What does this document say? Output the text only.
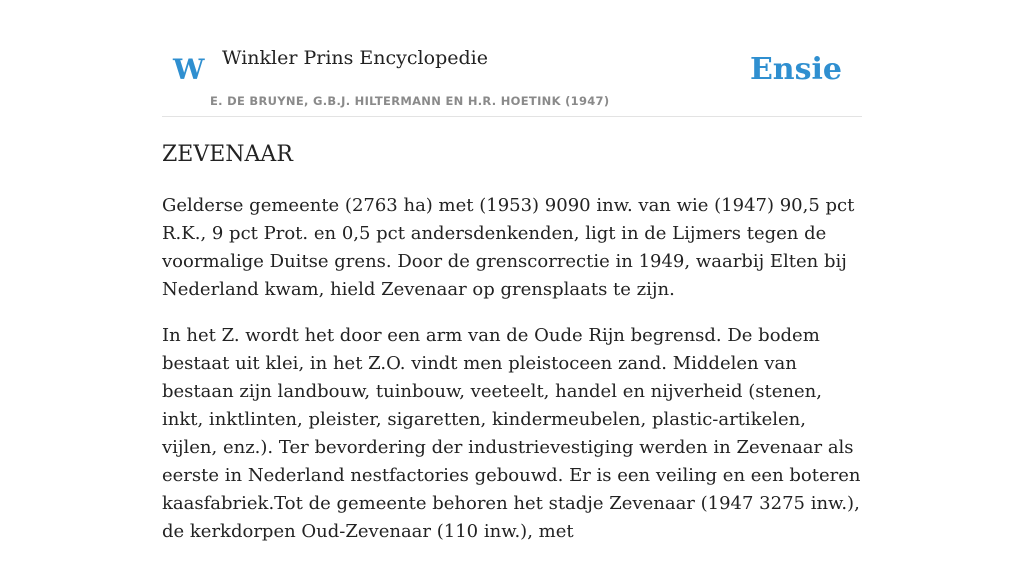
W Winkler Prins Encyclopedie
E. DE BRUYNE, G.B.J. HILTERMANN EN H.R. HOETINK (1947)
Ensie
ZEVENAAR

Gelderse gemeente (2763 ha) met (1953) 9090 inw. van wie (1947) 90,5 pct R.K., 9 pct Prot. en 0,5 pct andersdenkenden, ligt in de Lijmers tegen de voormalige Duitse grens. Door de grenscorrectie in 1949, waarbij Elten bij Nederland kwam, hield Zevenaar op grensplaats te zijn.

In het Z. wordt het door een arm van de Oude Rijn begrensd. De bodem bestaat uit klei, in het Z.O. vindt men pleistoceen zand. Middelen van bestaan zijn landbouw, tuinbouw, veeteelt, handel en nijverheid (stenen, inkt, inktlinten, pleister, sigaretten, kindermeubelen, plastic-artikelen, vijlen, enz.). Ter bevordering der industrievestiging werden in Zevenaar als eerste in Nederland nestfactories gebouwd. Er is een veiling en een boteren kaasfabriek.Tot de gemeente behoren het stadje Zevenaar (1947 3275 inw.), de kerkdorpen Oud-Zevenaar (110 inw.), met
